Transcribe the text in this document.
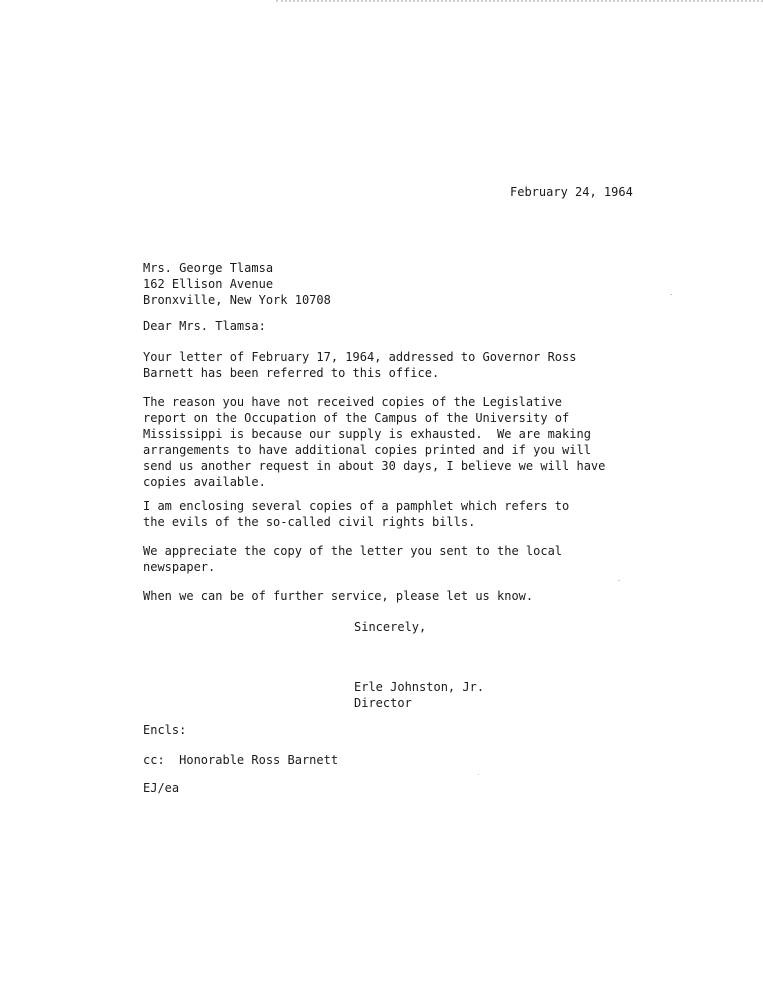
February 24, 1964

Mrs. George Tlamsa
162 Ellison Avenue
Bronxville, New York 10708

Dear Mrs. Tlamsa:

Your letter of February 17, 1964, addressed to Governor Ross
Barnett has been referred to this office.
The reason you have not received copies of the Legislative
report on the Occupation of the Campus of the University of
Mississippi is because our supply is exhausted.  We are making
arrangements to have additional copies printed and if you will
send us another request in about 30 days, I believe we will have
copies available.
I am enclosing several copies of a pamphlet which refers to
the evils of the so-called civil rights bills.
We appreciate the copy of the letter you sent to the local
newspaper.
When we can be of further service, please let us know.

Sincerely,

Erle Johnston, Jr.
Director

Encls:

cc:  Honorable Ross Barnett

EJ/ea
